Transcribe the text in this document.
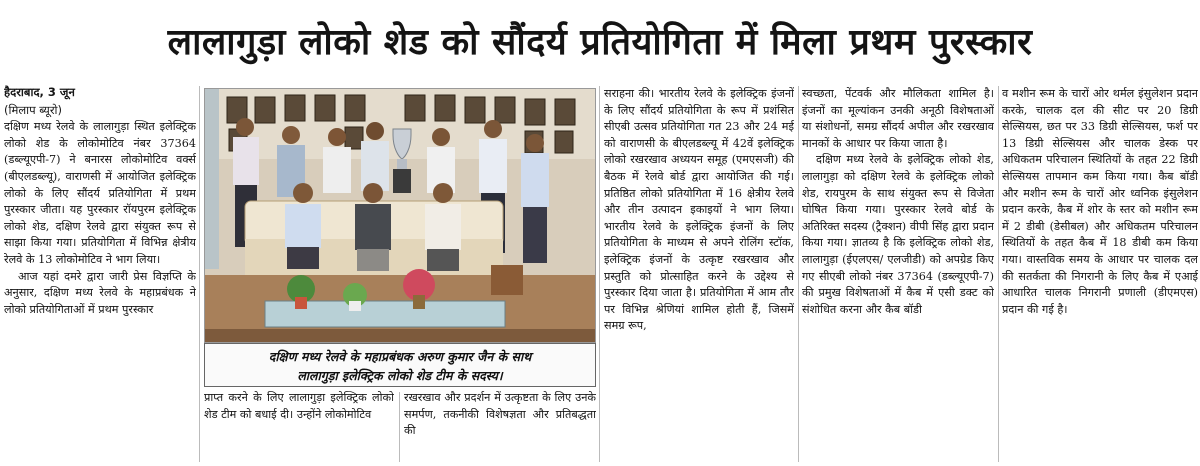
लालागुड़ा लोको शेड को सौंदर्य प्रतियोगिता में मिला प्रथम पुरस्कार

हैदराबाद, 3 जून

(मिलाप ब्यूरो)
दक्षिण मध्य रेलवे के लालागुड़ा स्थित इलेक्ट्रिक लोको शेड के लोकोमोटिव नंबर 37364 (डब्ल्यूएपी-7) ने बनारस लोकोमोटिव वर्क्स (बीएलडब्ल्यू), वाराणसी में आयोजित इलेक्ट्रिक लोको के लिए सौंदर्य प्रतियोगिता में प्रथम पुरस्कार जीता। यह पुरस्कार रॉयपुरम इलेक्ट्रिक लोको शेड, दक्षिण रेलवे द्वारा संयुक्त रूप से साझा किया गया। प्रतियोगिता में विभिन्न क्षेत्रीय रेलवे के 13 लोकोमोटिव ने भाग लिया।

आज यहां दमरे द्वारा जारी प्रेस विज्ञप्ति के अनुसार, दक्षिण मध्य रेलवे के महाप्रबंधक ने लोको प्रतियोगिताओं में प्रथम पुरस्कार

दक्षिण मध्य रेलवे के महाप्रबंधक अरुण कुमार जैन के साथ
लालागुड़ा इलेक्ट्रिक लोको शेड टीम के सदस्य।
प्राप्त करने के लिए लालागुड़ा इलेक्ट्रिक लोको शेड टीम को बधाई दी। उन्होंने लोकोमोटिव
रखरखाव और प्रदर्शन में उत्कृष्टता के लिए उनके समर्पण, तकनीकी विशेषज्ञता और प्रतिबद्धता की
सराहना की। भारतीय रेलवे के इलेक्ट्रिक इंजनों के लिए सौंदर्य प्रतियोगिता के रूप में प्रशंसित सीएबी उत्सव प्रतियोगिता गत 23 और 24 मई को वाराणसी के बीएलडब्ल्यू में 42वें इलेक्ट्रिक लोको रखरखाव अध्ययन समूह (एमएसजी) की बैठक में रेलवे बोर्ड द्वारा आयोजित की गई। प्रतिष्ठित लोको प्रतियोगिता में 16 क्षेत्रीय रेलवे और तीन उत्पादन इकाइयों ने भाग लिया। भारतीय रेलवे के इलेक्ट्रिक इंजनों के लिए प्रतियोगिता के माध्यम से अपने रोलिंग स्टॉक, इलेक्ट्रिक इंजनों के उत्कृष्ट रखरखाव और प्रस्तुति को प्रोत्साहित करने के उद्देश्य से पुरस्कार दिया जाता है। प्रतियोगिता में आम तौर पर विभिन्न श्रेणियां शामिल होती हैं, जिसमें समग्र रूप,

स्वच्छता, पेंटवर्क और मौलिकता शामिल है। इंजनों का मूल्यांकन उनकी अनूठी विशेषताओं या संशोधनों, समग्र सौंदर्य अपील और रखरखाव मानकों के आधार पर किया जाता है।

दक्षिण मध्य रेलवे के इलेक्ट्रिक लोको शेड, लालागुड़ा को दक्षिण रेलवे के इलेक्ट्रिक लोको शेड, रायपुरम के साथ संयुक्त रूप से विजेता घोषित किया गया। पुरस्कार रेलवे बोर्ड के अतिरिक्त सदस्य (ट्रैक्शन) वीपी सिंह द्वारा प्रदान किया गया। ज्ञातव्य है कि इलेक्ट्रिक लोको शेड, लालागुड़ा (ईएलएस/ एलजीडी) को अपग्रेड किए गए सीएबी लोको नंबर 37364 (डब्ल्यूएपी-7) की प्रमुख विशेषताओं में कैब में एसी डक्ट को संशोधित करना और कैब बॉडी

व मशीन रूम के चारों ओर थर्मल इंसुलेशन प्रदान करके, चालक दल की सीट पर 20 डिग्री सेल्सियस, छत पर 33 डिग्री सेल्सियस, फर्श पर 13 डिग्री सेल्सियस और चालक डेस्क पर अधिकतम परिचालन स्थितियों के तहत 22 डिग्री सेल्सियस तापमान कम किया गया। कैब बॉडी और मशीन रूम के चारों ओर ध्वनिक इंसुलेशन प्रदान करके, कैब में शोर के स्तर को मशीन रूम में 2 डीबी (डेसीबल) और अधिकतम परिचालन स्थितियों के तहत कैब में 18 डीबी कम किया गया। वास्तविक समय के आधार पर चालक दल की सतर्कता की निगरानी के लिए कैब में एआई आधारित चालक निगरानी प्रणाली (डीएमएस) प्रदान की गई है।
